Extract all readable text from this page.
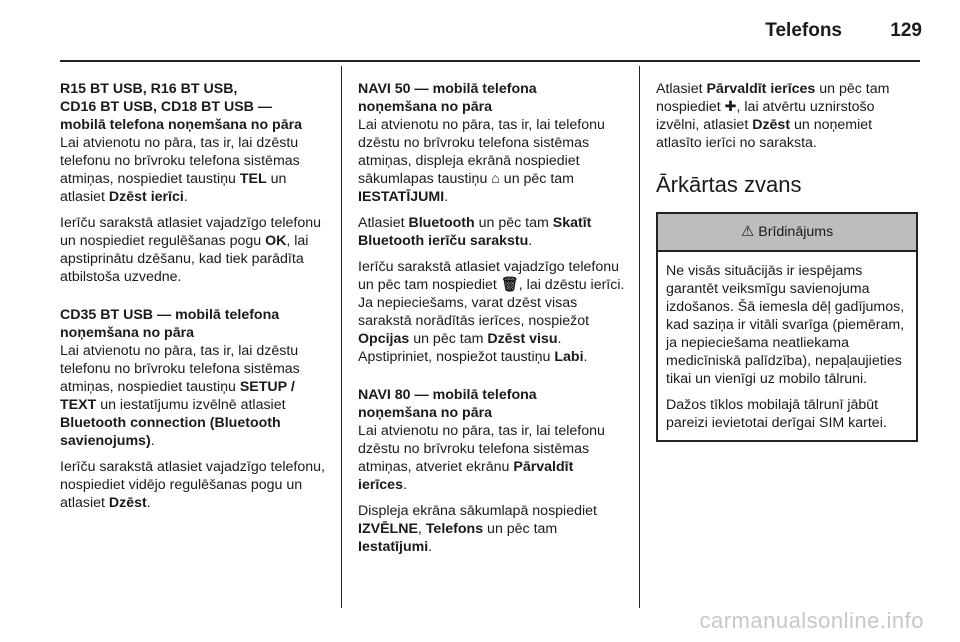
Telefons	129
R15 BT USB, R16 BT USB,
CD16 BT USB, CD18 BT USB —
mobilā telefona noņemšana no pāra

Lai atvienotu no pāra, tas ir, lai dzēstu telefonu no brīvroku telefona sistēmas atmiņas, nospiediet taustiņu TEL un atlasiet Dzēst ierīci.

Ierīču sarakstā atlasiet vajadzīgo telefonu un nospiediet regulēšanas pogu OK, lai apstiprinātu dzēšanu, kad tiek parādīta atbilstoša uzvedne.

CD35 BT USB — mobilā telefona
noņemšana no pāra

Lai atvienotu no pāra, tas ir, lai dzēstu telefonu no brīvroku telefona sistēmas atmiņas, nospiediet taustiņu SETUP / TEXT un iestatījumu izvēlnē atlasiet Bluetooth connection (Bluetooth savienojums).

Ierīču sarakstā atlasiet vajadzīgo telefonu, nospiediet vidējo regulēšanas pogu un atlasiet Dzēst.

NAVI 50 — mobilā telefona
noņemšana no pāra

Lai atvienotu no pāra, tas ir, lai telefonu dzēstu no brīvroku telefona sistēmas atmiņas, displeja ekrānā nospiediet sākumlapas taustiņu ⌂ un pēc tam IESTATĪJUMI.

Atlasiet Bluetooth un pēc tam Skatīt Bluetooth ierīču sarakstu.

Ierīču sarakstā atlasiet vajadzīgo telefonu un pēc tam nospiediet 🗑, lai dzēstu ierīci. Ja nepieciešams, varat dzēst visas sarakstā norādītās ierīces, nospiežot Opcijas un pēc tam Dzēst visu. Apstipriniet, nospiežot taustiņu Labi.

NAVI 80 — mobilā telefona
noņemšana no pāra

Lai atvienotu no pāra, tas ir, lai telefonu dzēstu no brīvroku telefona sistēmas atmiņas, atveriet ekrānu Pārvaldīt ierīces.

Displeja ekrāna sākumlapā nospiediet IZVĒLNE, Telefons un pēc tam Iestatījumi.

Atlasiet Pārvaldīt ierīces un pēc tam nospiediet ✚, lai atvērtu uznirstošo izvēlni, atlasiet Dzēst un noņemiet atlasīto ierīci no saraksta.

Ārkārtas zvans
⚠ Brīdinājums

Ne visās situācijās ir iespējams garantēt veiksmīgu savienojuma izdošanos. Šā iemesla dēļ gadījumos, kad saziņa ir vitāli svarīga (piemēram, ja nepieciešama neatliekama medicīniskā palīdzība), nepaļaujieties tikai un vienīgi uz mobilo tālruni.

Dažos tīklos mobilajā tālrunī jābūt pareizi ievietotai derīgai SIM kartei.

carmanualsonline.info
